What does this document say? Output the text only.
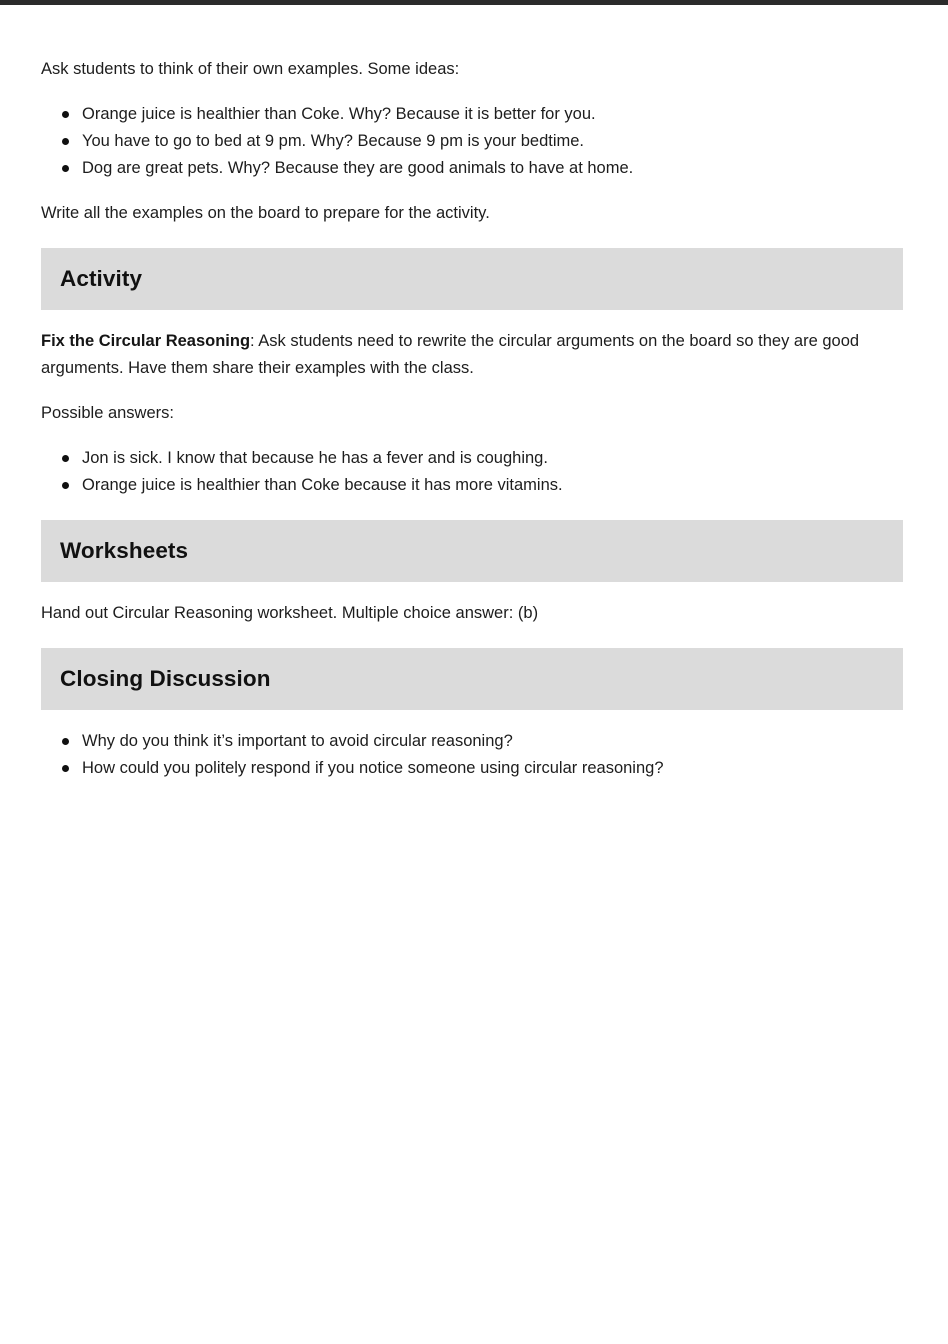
Ask students to think of their own examples. Some ideas:

Orange juice is healthier than Coke. Why? Because it is better for you.
You have to go to bed at 9 pm. Why? Because 9 pm is your bedtime.
Dog are great pets. Why? Because they are good animals to have at home.

Write all the examples on the board to prepare for the activity.

Activity

Fix the Circular Reasoning: Ask students need to rewrite the circular arguments on the board so they are good arguments. Have them share their examples with the class.

Possible answers:

Jon is sick. I know that because he has a fever and is coughing.
Orange juice is healthier than Coke because it has more vitamins.
Worksheets

Hand out Circular Reasoning worksheet. Multiple choice answer: (b)

Closing Discussion
Why do you think it’s important to avoid circular reasoning?
How could you politely respond if you notice someone using circular reasoning?
